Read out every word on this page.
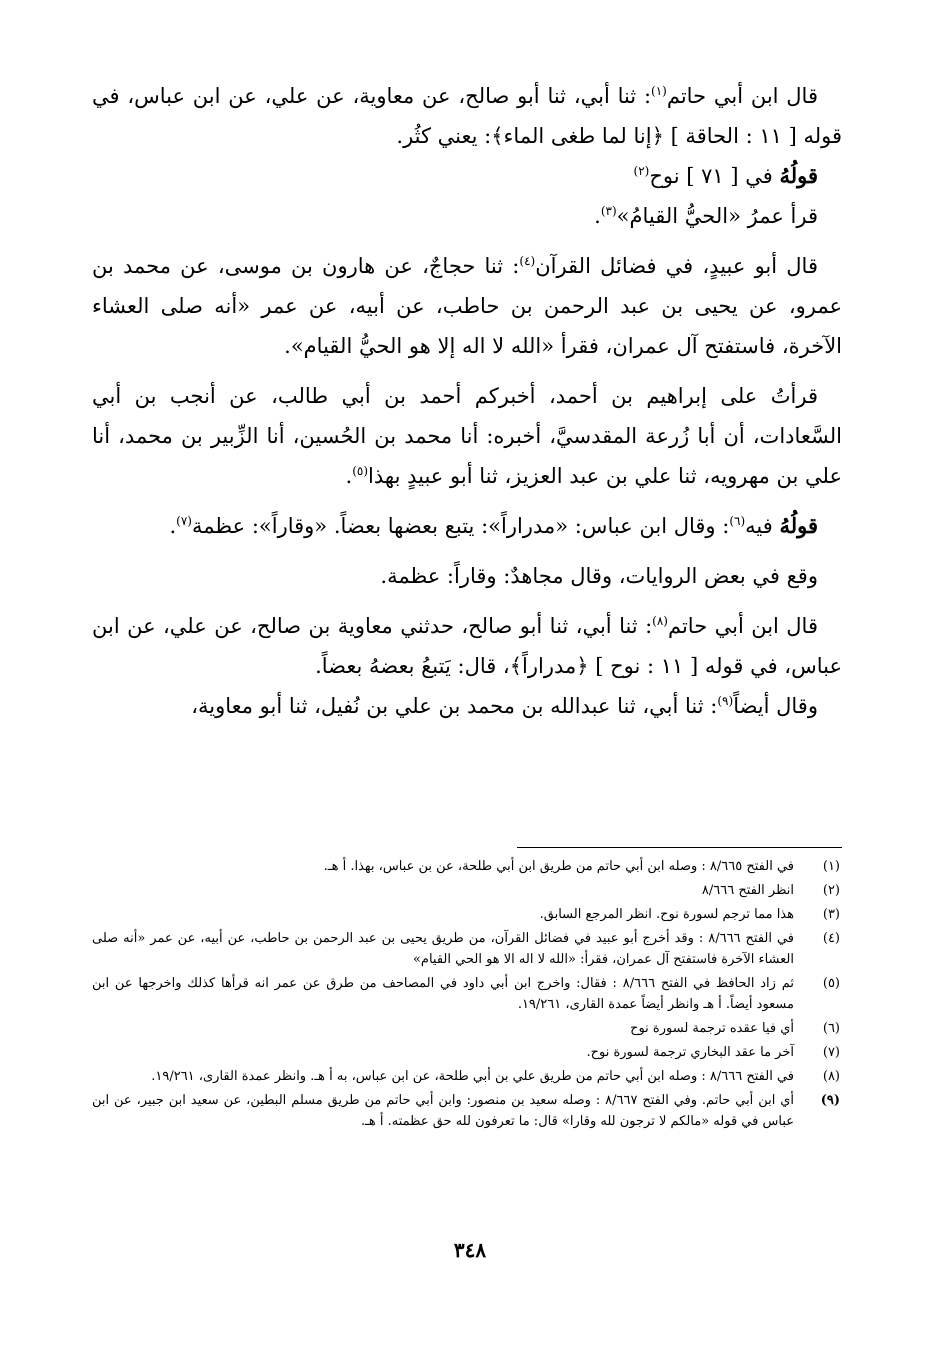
قال ابن أبي حاتم$^{(١)}$: ثنا أبي، ثنا أبو صالح، عن معاوية، عن علي، عن ابن عباس، في قوله [ ١١ : الحاقة ] ﴿إنا لما طغى الماء﴾: يعني كثُر.

قولُهُ في [ ٧١ ] نوح$^{(٢)}$

قرأ عمرُ «الحيُّ القيامُ»$^{(٣)}$.

قال أبو عبيدٍ، في فضائل القرآن$^{(٤)}$: ثنا حجاجٌ، عن هارون بن موسى، عن محمد بن عمرو، عن يحيى بن عبد الرحمن بن حاطب، عن أبيه، عن عمر «أنه صلى العشاء الآخرة، فاستفتح آل عمران، فقرأ «الله لا اله إلا هو الحيُّ القيام».

قرأتُ على إبراهيم بن أحمد، أخبركم أحمد بن أبي طالب، عن أنجب بن أبي السَّعادات، أن أبا زُرعة المقدسيَّ، أخبره: أنا محمد بن الحُسين، أنا الزِّبير بن محمد، أنا علي بن مهرويه، ثنا علي بن عبد العزيز، ثنا أبو عبيدٍ بهذا$^{(٥)}$.

قولُهُ فيه$^{(٦)}$: وقال ابن عباس: «مدراراً»: يتبع بعضها بعضاً. «وقاراً»: عظمة$^{(٧)}$.

وقع في بعض الروايات، وقال مجاهدٌ: وقاراً: عظمة.

قال ابن أبي حاتم$^{(٨)}$: ثنا أبي، ثنا أبو صالح، حدثني معاوية بن صالح، عن علي، عن ابن عباس، في قوله [ ١١ : نوح ] ﴿مدراراً﴾، قال: يَتبعُ بعضهُ بعضاً.

وقال أيضاً$^{(٩)}$: ثنا أبي، ثنا عبدالله بن محمد بن علي بن نُفيل، ثنا أبو معاوية،

(١)
في الفتح ٨/٦٦٥ : وصله ابن أبي حاتم من طريق ابن أبي طلحة، عن بن عباس، بهذا. أ هـ.
(٢)
انظر الفتح ٨/٦٦٦
(٣)
هذا مما ترجم لسورة نوح. انظر المرجع السابق.
(٤)
في الفتح ٨/٦٦٦ : وقد أخرج أبو عبيد في فضائل القرآن، من طريق يحيى بن عبد الرحمن بن حاطب، عن أبيه، عن عمر «أنه صلى العشاء الآخرة فاستفتح آل عمران، فقرأ: «الله لا اله الا هو الحي القيام»
(٥)
ثم زاد الحافظ في الفتح ٨/٦٦٦ : فقال: واخرج ابن أبي داود في المصاحف من طرق عن عمر انه قرأها كذلك واخرجها عن ابن مسعود أيضاً. أ هـ وانظر أيضاً عمدة القارى، ١٩/٢٦١.
(٦)
أي فيا عقده ترجمة لسورة نوح
(٧)
آخر ما عقد البخاري ترجمة لسورة نوح.
(٨)
في الفتح ٨/٦٦٦ : وصله ابن أبي حاتم من طريق علي بن أبي طلحة، عن ابن عباس، به أ هـ. وانظر عمدة القارى، ١٩/٢٦١.
(٩)
أي ابن أبي حاتم. وفي الفتح ٨/٦٦٧ : وصله سعيد بن منصور: وابن أبي حاتم من طريق مسلم البطين، عن سعيد ابن جبير، عن ابن عباس في قوله «مالكم لا ترجون لله وقارا» قال: ما تعرفون لله حق عظمته. أ هـ.
٣٤٨
